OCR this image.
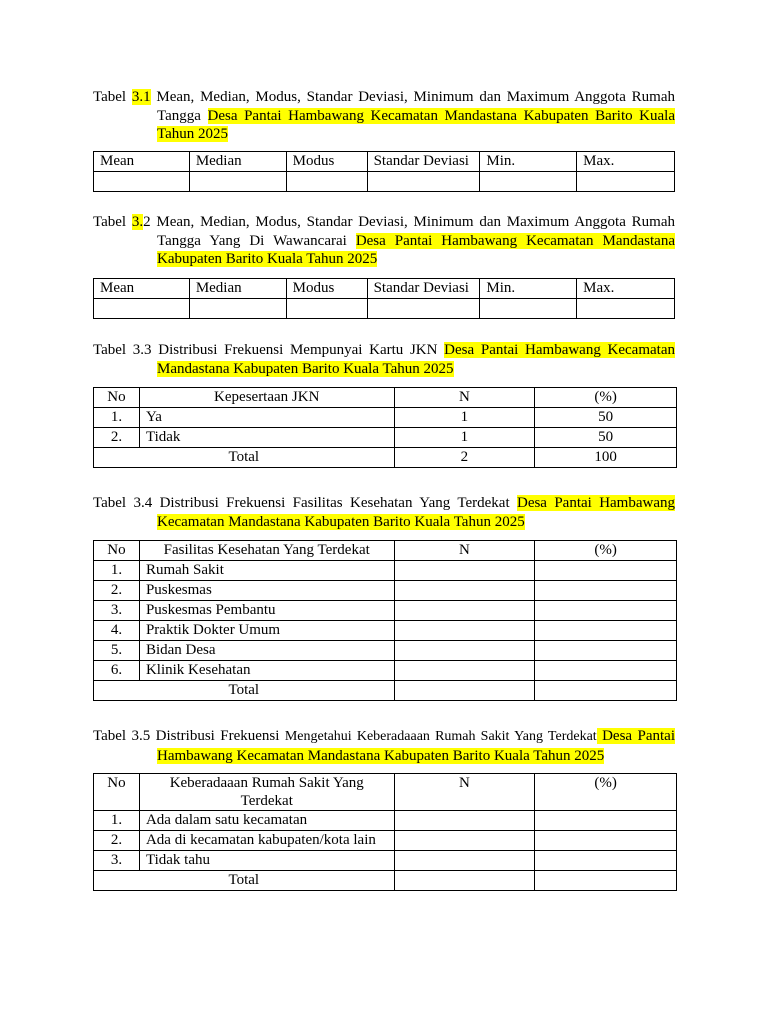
Tabel 3.1 Mean, Median, Modus, Standar Deviasi, Minimum dan Maximum Anggota Rumah
Tangga Desa Pantai Hambawang Kecamatan Mandastana Kabupaten Barito Kuala
Tahun 2025
Mean	Median	Modus	Standar Deviasi	Min.	Max.

Tabel 3.2 Mean, Median, Modus, Standar Deviasi, Minimum dan Maximum Anggota Rumah
Tangga Yang Di Wawancarai Desa Pantai Hambawang Kecamatan Mandastana
Kabupaten Barito Kuala Tahun 2025
Mean	Median	Modus	Standar Deviasi	Min.	Max.

Tabel 3.3 Distribusi Frekuensi Mempunyai Kartu JKN Desa Pantai Hambawang Kecamatan
Mandastana Kabupaten Barito Kuala Tahun 2025
No	Kepesertaan JKN	N	(%)
1.	Ya	1	50
2.	Tidak	1	50
Total		2	100
Tabel 3.4 Distribusi Frekuensi Fasilitas Kesehatan Yang Terdekat Desa Pantai Hambawang
Kecamatan Mandastana Kabupaten Barito Kuala Tahun 2025
No	Fasilitas Kesehatan Yang Terdekat	N	(%)
1.	Rumah Sakit		
2.	Puskesmas		
3.	Puskesmas Pembantu		
4.	Praktik Dokter Umum		
5.	Bidan Desa		
6.	Klinik Kesehatan		
Total			
Tabel 3.5 Distribusi Frekuensi Mengetahui Keberadaaan Rumah Sakit Yang Terdekat Desa Pantai
Hambawang Kecamatan Mandastana Kabupaten Barito Kuala Tahun 2025
No	Keberadaaan Rumah Sakit Yang Terdekat	N	(%)
1.	Ada dalam satu kecamatan		
2.	Ada di kecamatan kabupaten/kota lain		
3.	Tidak tahu		
Total			
